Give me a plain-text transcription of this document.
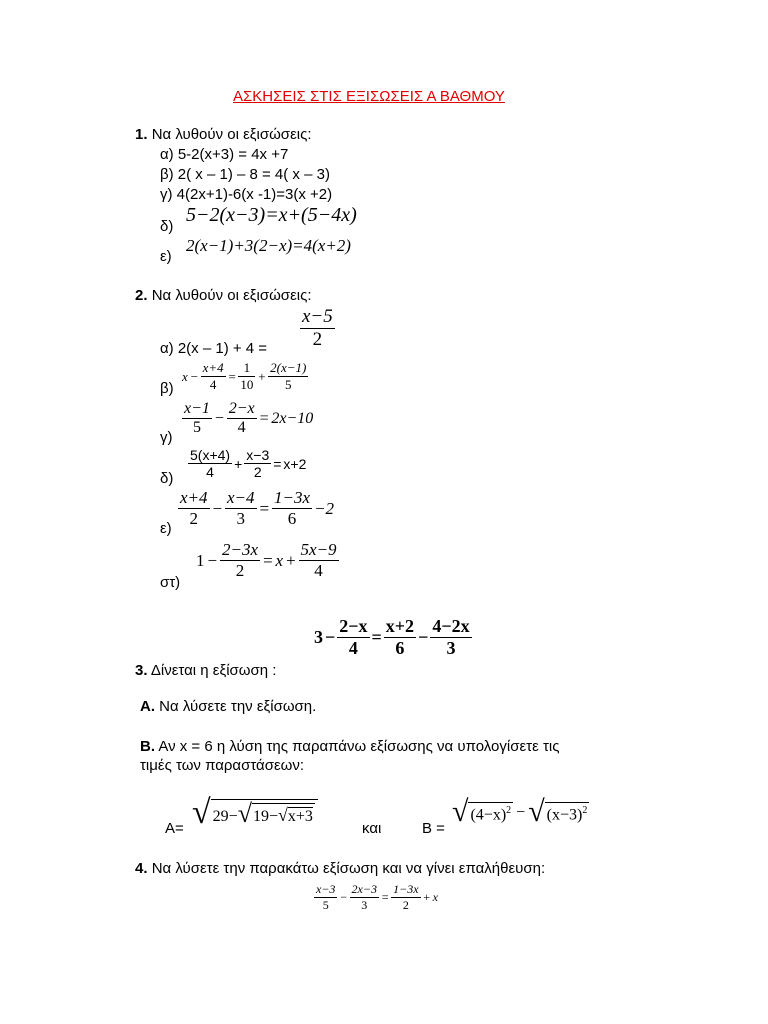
ΑΣΚΗΣΕΙΣ ΣΤΙΣ ΕΞΙΣΩΣΕΙΣ Α ΒΑΘΜΟΥ
1. Να λυθούν οι εξισώσεις:
α) 5-2(x+3) = 4x +7
β) 2( x – 1) – 8 = 4( x – 3)
γ) 4(2x+1)-6(x -1)=3(x +2)
δ)
5−2(x−3)=x+(5−4x)
ε)
2(x−1)+3(2−x)=4(x+2)
2. Να λυθούν οι εξισώσεις:
α) $2(x - 1) + 4 = \frac{x-5}{2}$
β)
$x - \frac{x+4}{4} = \frac{1}{10} + \frac{2(x-1)}{5}$
γ)
$\frac{x-1}{5} - \frac{2-x}{4} = 2x-10$
$\delta) \frac{5(x+4)}{4} + \frac{x-3}{2} = x+2$
$\varepsilon) \frac{x+4}{2} - \frac{x-4}{3} = \frac{1-3x}{6} -2$
στ)
$1 - \frac{2-3x}{2} = x + \frac{5x-9}{4}$
$3 - \frac{2-x}{4} = \frac{x+2}{6} - \frac{4-2x}{3}$
3. Δίνεται η εξίσωση :
Α. Να λύσετε την εξίσωση.
Β. Αν x = 6 η λύση της παραπάνω εξίσωσης να υπολογίσετε τις
τιμές των παραστάσεων:
Α= √ 29− √ 19−√x+3
και	Β =
√ $(4-x)^2$ − √ $(x-3)^2$
4. Να λύσετε την παρακάτω εξίσωση και να γίνει επαλήθευση:
$\frac{x-3}{5} - \frac{2x-3}{3} = \frac{1-3x}{2} + x$
